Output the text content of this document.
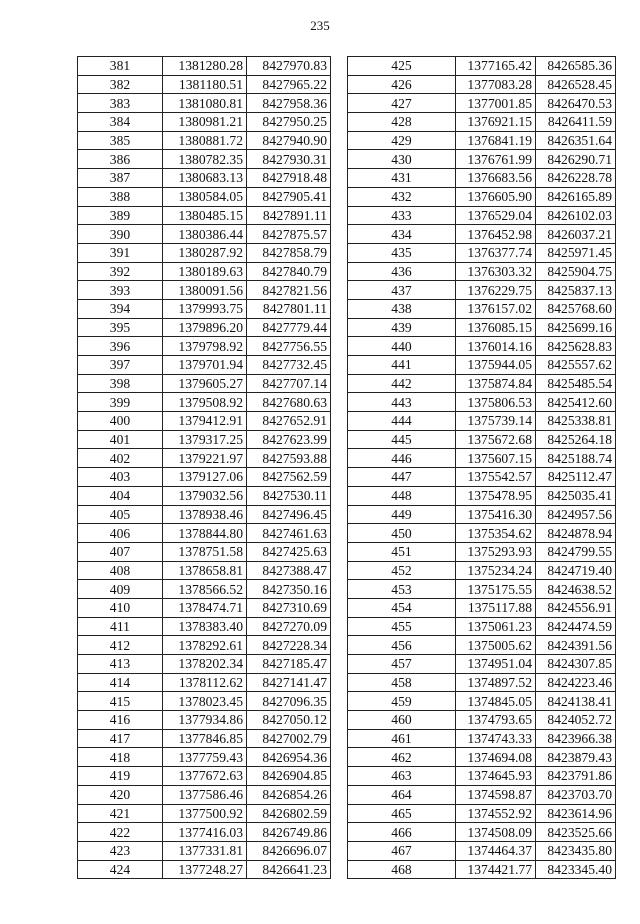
235
381	1381280.28	8427970.83
382	1381180.51	8427965.22
383	1381080.81	8427958.36
384	1380981.21	8427950.25
385	1380881.72	8427940.90
386	1380782.35	8427930.31
387	1380683.13	8427918.48
388	1380584.05	8427905.41
389	1380485.15	8427891.11
390	1380386.44	8427875.57
391	1380287.92	8427858.79
392	1380189.63	8427840.79
393	1380091.56	8427821.56
394	1379993.75	8427801.11
395	1379896.20	8427779.44
396	1379798.92	8427756.55
397	1379701.94	8427732.45
398	1379605.27	8427707.14
399	1379508.92	8427680.63
400	1379412.91	8427652.91
401	1379317.25	8427623.99
402	1379221.97	8427593.88
403	1379127.06	8427562.59
404	1379032.56	8427530.11
405	1378938.46	8427496.45
406	1378844.80	8427461.63
407	1378751.58	8427425.63
408	1378658.81	8427388.47
409	1378566.52	8427350.16
410	1378474.71	8427310.69
411	1378383.40	8427270.09
412	1378292.61	8427228.34
413	1378202.34	8427185.47
414	1378112.62	8427141.47
415	1378023.45	8427096.35
416	1377934.86	8427050.12
417	1377846.85	8427002.79
418	1377759.43	8426954.36
419	1377672.63	8426904.85
420	1377586.46	8426854.26
421	1377500.92	8426802.59
422	1377416.03	8426749.86
423	1377331.81	8426696.07
424	1377248.27	8426641.23
425	1377165.42	8426585.36
426	1377083.28	8426528.45
427	1377001.85	8426470.53
428	1376921.15	8426411.59
429	1376841.19	8426351.64
430	1376761.99	8426290.71
431	1376683.56	8426228.78
432	1376605.90	8426165.89
433	1376529.04	8426102.03
434	1376452.98	8426037.21
435	1376377.74	8425971.45
436	1376303.32	8425904.75
437	1376229.75	8425837.13
438	1376157.02	8425768.60
439	1376085.15	8425699.16
440	1376014.16	8425628.83
441	1375944.05	8425557.62
442	1375874.84	8425485.54
443	1375806.53	8425412.60
444	1375739.14	8425338.81
445	1375672.68	8425264.18
446	1375607.15	8425188.74
447	1375542.57	8425112.47
448	1375478.95	8425035.41
449	1375416.30	8424957.56
450	1375354.62	8424878.94
451	1375293.93	8424799.55
452	1375234.24	8424719.40
453	1375175.55	8424638.52
454	1375117.88	8424556.91
455	1375061.23	8424474.59
456	1375005.62	8424391.56
457	1374951.04	8424307.85
458	1374897.52	8424223.46
459	1374845.05	8424138.41
460	1374793.65	8424052.72
461	1374743.33	8423966.38
462	1374694.08	8423879.43
463	1374645.93	8423791.86
464	1374598.87	8423703.70
465	1374552.92	8423614.96
466	1374508.09	8423525.66
467	1374464.37	8423435.80
468	1374421.77	8423345.40
